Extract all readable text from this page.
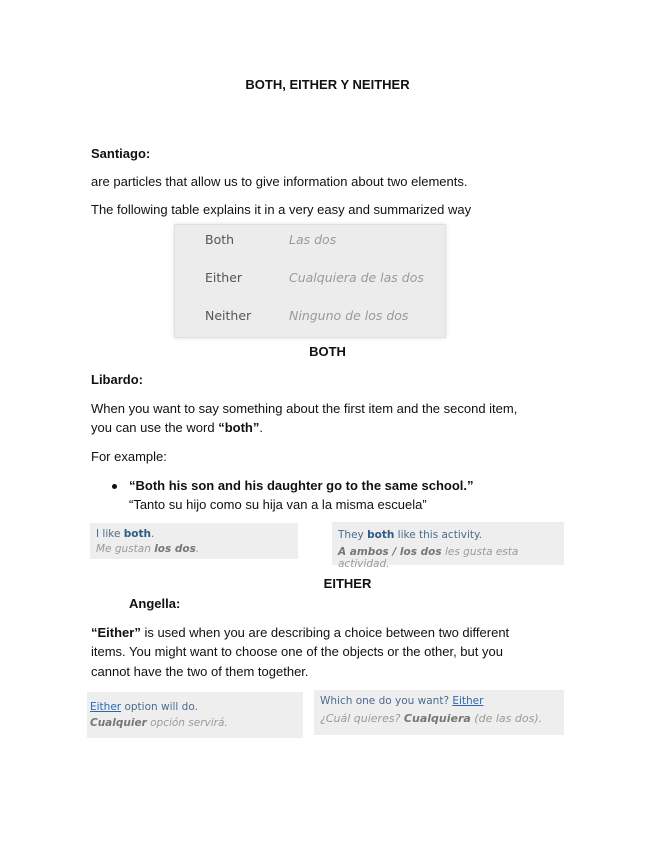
BOTH, EITHER Y NEITHER
Santiago:
are particles that allow us to give information about two elements.
The following table explains it in a very easy and summarized way
Both	Las dos
Either	Cualquiera de las dos
Neither	Ninguno de los dos
BOTH
Libardo:
When you want to say something about the first item and the second item,
you can use the word “both”.
For example:
“Both his son and his daughter go to the same school.”
“Tanto su hijo como su hija van a la misma escuela”
I like both.
Me gustan los dos.
They both like this activity.
A ambos / los dos les gusta esta actividad.
EITHER
Angella:
“Either” is used when you are describing a choice between two different
items. You might want to choose one of the objects or the other, but you
cannot have the two of them together.
Either option will do.
Cualquier opción servirá.
Which one do you want? Either
¿Cuál quieres? Cualquiera (de las dos).
